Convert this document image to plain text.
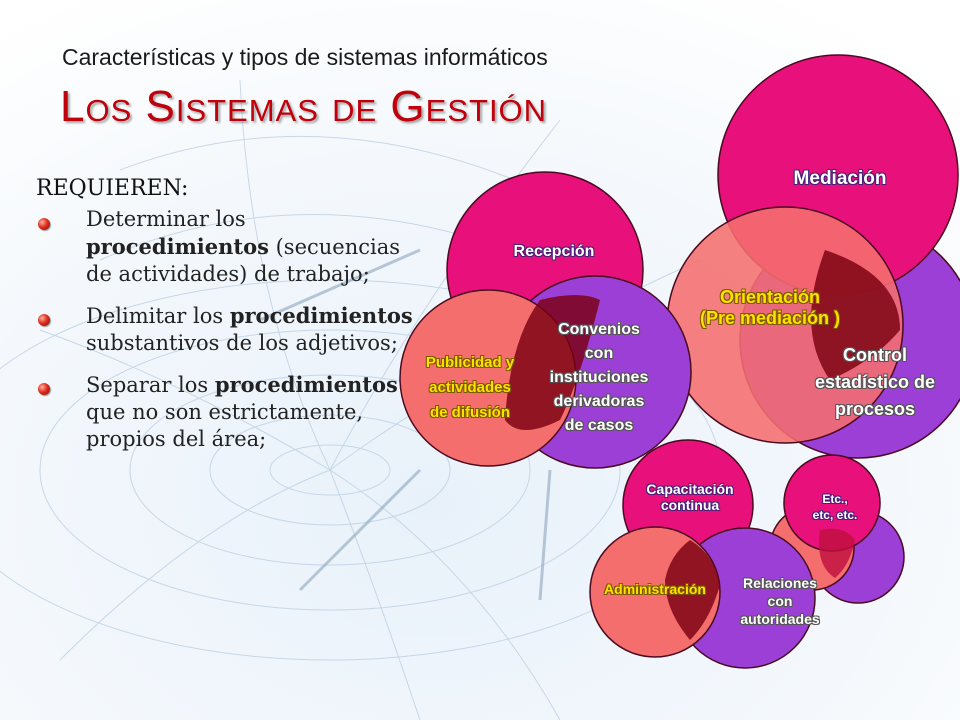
Características y tipos de sistemas informáticos
Los Sistemas de Gestión
REQUIEREN:
Determinar los procedimientos (secuencias de actividades) de trabajo;
Delimitar los procedimientos substantivos de los adjetivos;
Separar los procedimientos que no son estrictamente, propios del área;
Mediación
Recepción
Orientación
(Pre mediación )
Convenios
con
instituciones
derivadoras
de casos
Publicidad y
actividades
de difusión
Control
estadístico de
procesos
Capacitación
continua	Etc.,
etc, etc.
Administración	Relaciones
con
autoridades
